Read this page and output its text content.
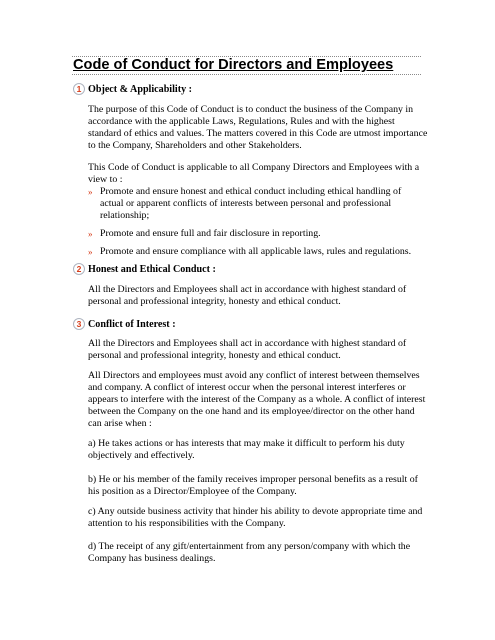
Code of Conduct for Directors and Employees
1 Object & Applicability :
The purpose of this Code of Conduct is to conduct the business of the Company in
accordance with the applicable Laws, Regulations, Rules and with the highest
standard of ethics and values. The matters covered in this Code are utmost importance
to the Company, Shareholders and other Stakeholders.
This Code of Conduct is applicable to all Company Directors and Employees with a
view to :
» Promote and ensure honest and ethical conduct including ethical handling of
actual or apparent conflicts of interests between personal and professional
relationship;
» Promote and ensure full and fair disclosure in reporting.
» Promote and ensure compliance with all applicable laws, rules and regulations.
2 Honest and Ethical Conduct :
All the Directors and Employees shall act in accordance with highest standard of
personal and professional integrity, honesty and ethical conduct.
3 Conflict of Interest :
All the Directors and Employees shall act in accordance with highest standard of
personal and professional integrity, honesty and ethical conduct.
All Directors and employees must avoid any conflict of interest between themselves
and company. A conflict of interest occur when the personal interest interferes or
appears to interfere with the interest of the Company as a whole. A conflict of interest
between the Company on the one hand and its employee/director on the other hand
can arise when :
a) He takes actions or has interests that may make it difficult to perform his duty
objectively and effectively.
b) He or his member of the family receives improper personal benefits as a result of
his position as a Director/Employee of the Company.
c) Any outside business activity that hinder his ability to devote appropriate time and
attention to his responsibilities with the Company.
d) The receipt of any gift/entertainment from any person/company with which the
Company has business dealings.
